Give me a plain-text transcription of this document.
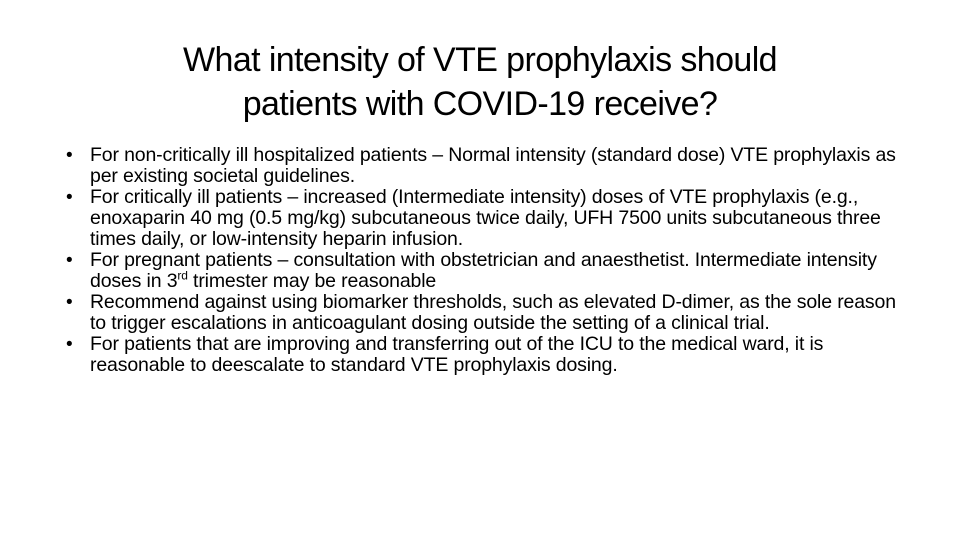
What intensity of VTE prophylaxis should
patients with COVID‑19 receive?
• For non-critically ill hospitalized patients – Normal intensity (standard dose) VTE prophylaxis as per existing societal guidelines.
• For critically ill patients – increased (Intermediate intensity) doses of VTE prophylaxis (e.g., enoxaparin 40 mg (0.5 mg/kg) subcutaneous twice daily, UFH 7500 units subcutaneous three times daily, or low-intensity heparin infusion.
• For pregnant patients – consultation with obstetrician and anaesthetist. Intermediate intensity doses in 3rd trimester may be reasonable
• Recommend against using biomarker thresholds, such as elevated D-dimer, as the sole reason to trigger escalations in anticoagulant dosing outside the setting of a clinical trial.
• For patients that are improving and transferring out of the ICU to the medical ward, it is reasonable to deescalate to standard VTE prophylaxis dosing.
